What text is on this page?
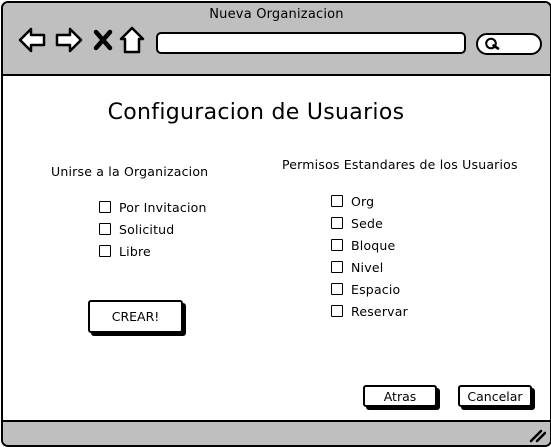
Nueva Organizacion
Configuracion de Usuarios
Unirse a la Organizacion
Por Invitacion
Solicitud
Libre
CREAR!
Permisos Estandares de los Usuarios
Org
Sede
Bloque
Nivel
Espacio
Reservar
Atras	Cancelar
